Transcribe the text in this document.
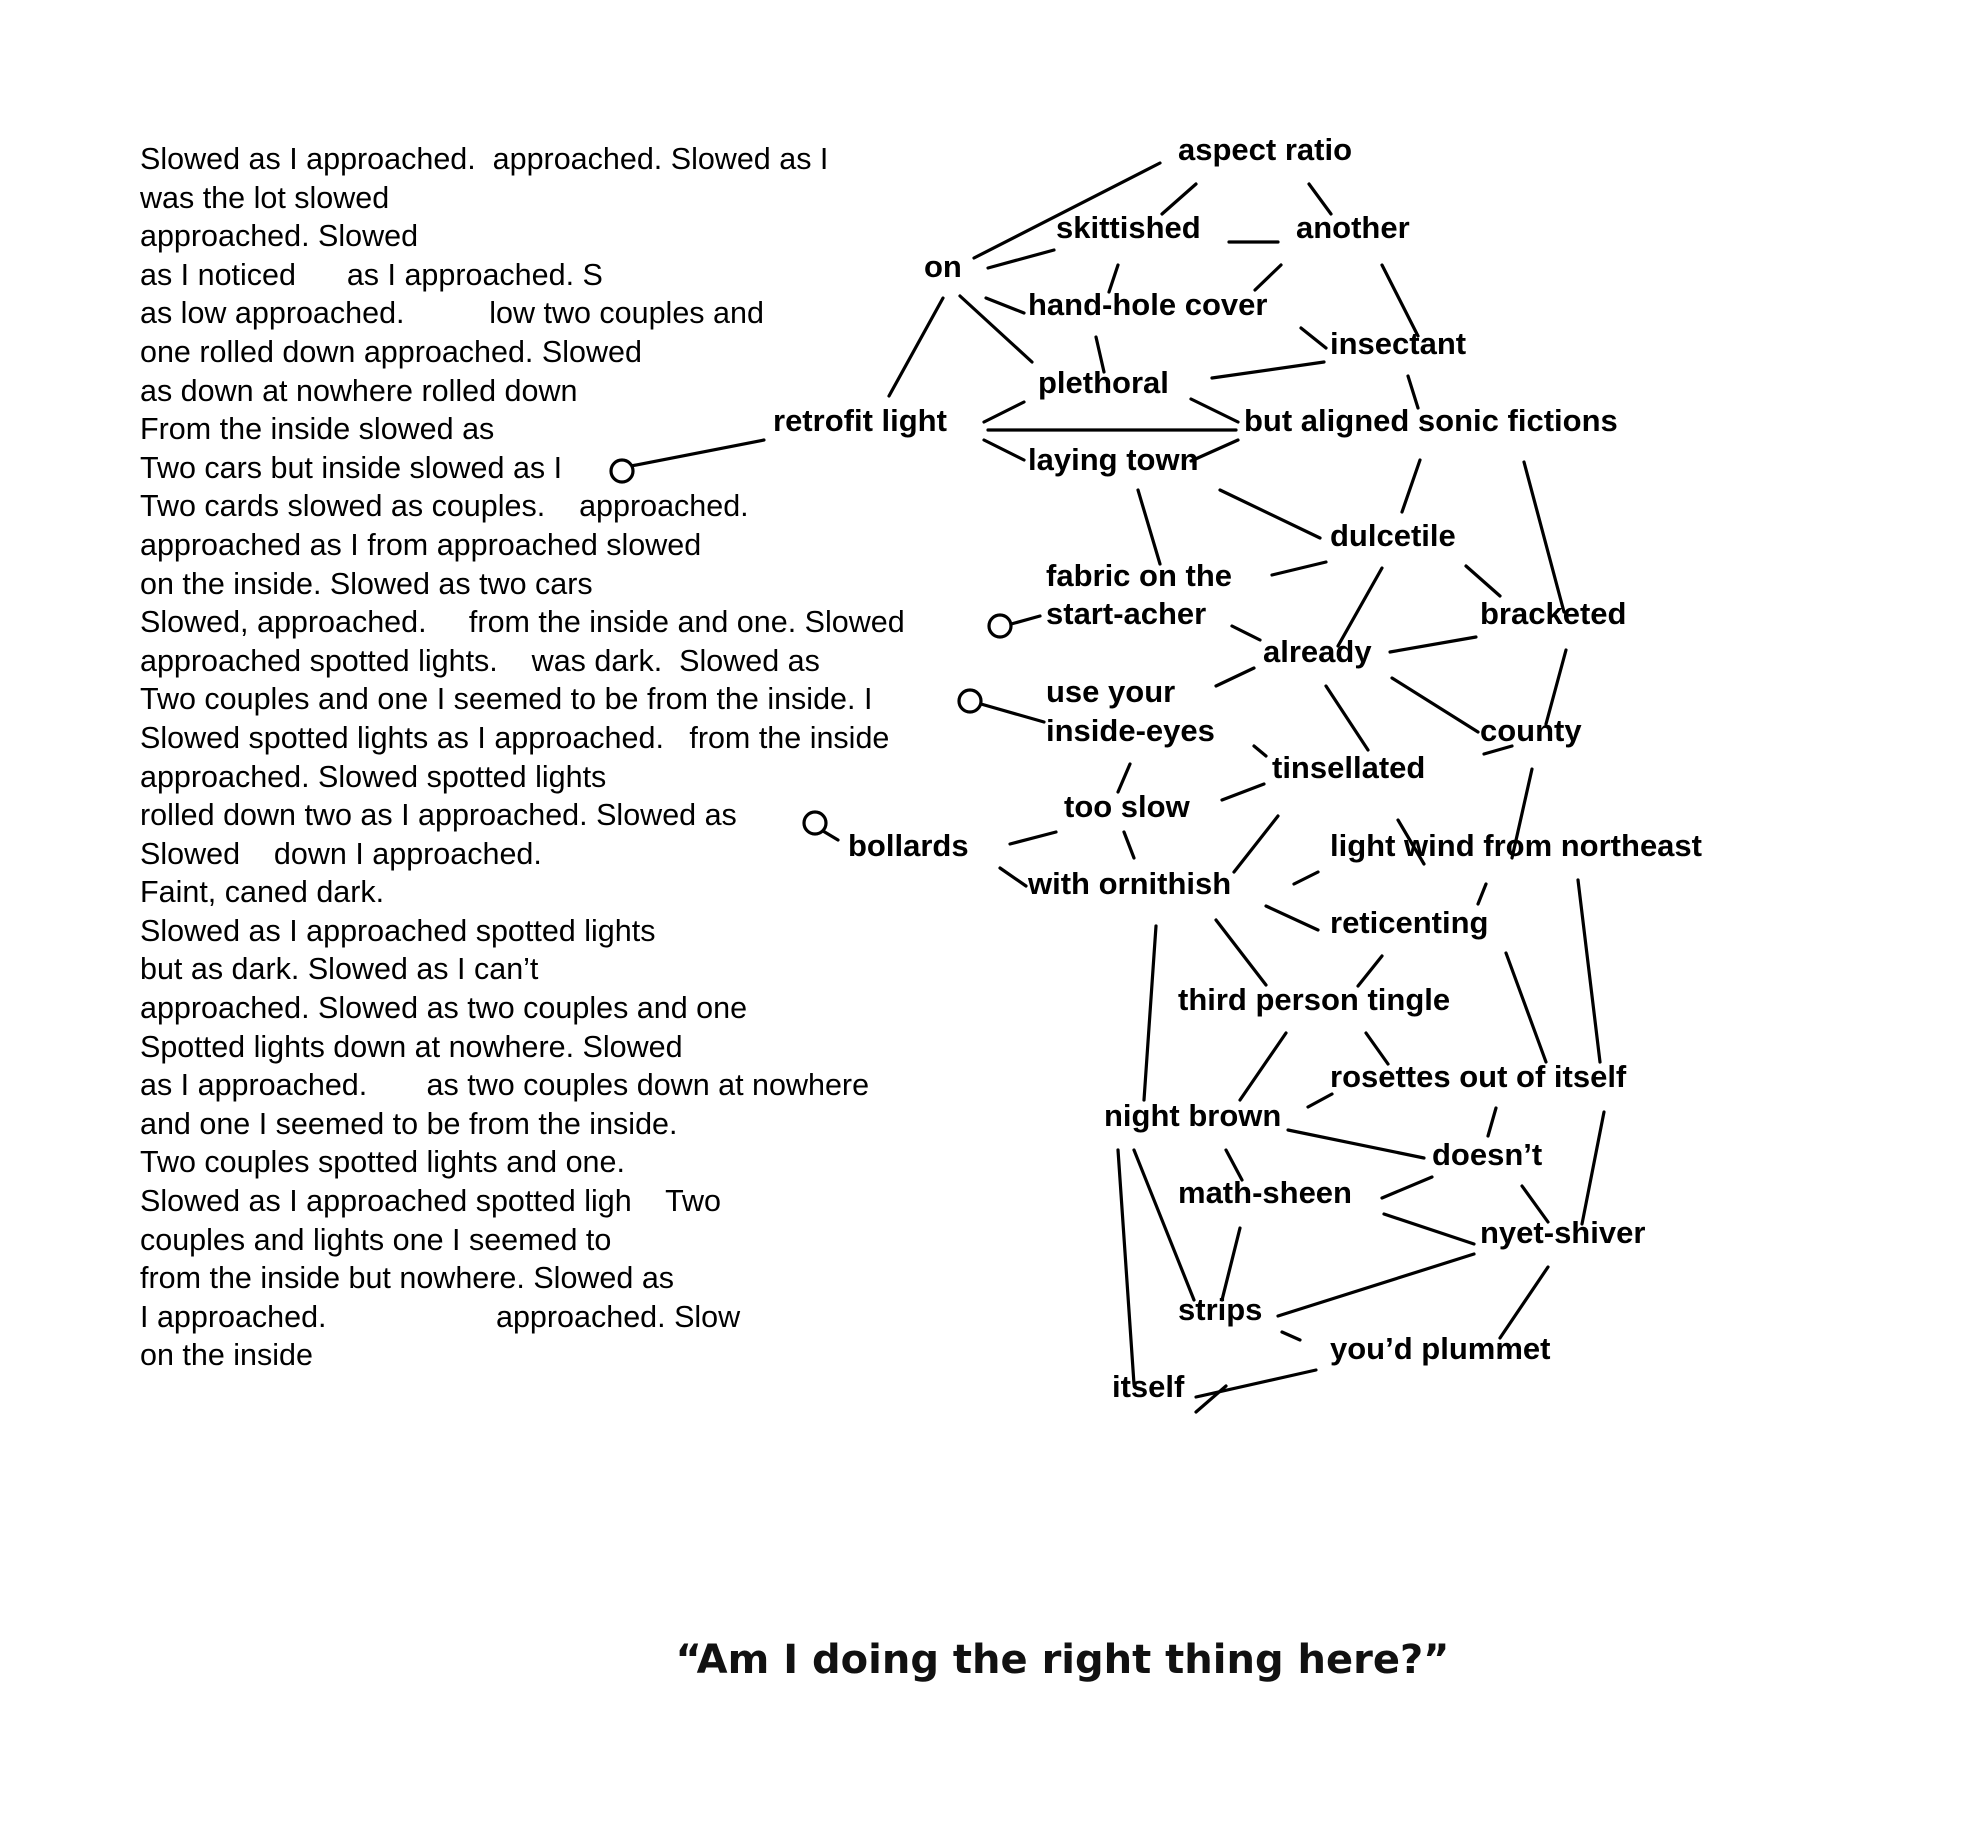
Slowed as I approached.  approached. Slowed as I
was the lot slowed
approached. Slowed
as I noticed      as I approached. S
as low approached.          low two couples and
one rolled down approached. Slowed
as down at nowhere rolled down
From the inside slowed as
Two cars but inside slowed as I
Two cards slowed as couples.    approached.
approached as I from approached slowed
on the inside. Slowed as two cars
Slowed, approached.     from the inside and one. Slowed
approached spotted lights.    was dark.  Slowed as
Two couples and one I seemed to be from the inside. I
Slowed spotted lights as I approached.   from the inside
approached. Slowed spotted lights
rolled down two as I approached. Slowed as
Slowed    down I approached.
Faint, caned dark.
Slowed as I approached spotted lights
but as dark. Slowed as I can’t
approached. Slowed as two couples and one
Spotted lights down at nowhere. Slowed
as I approached.       as two couples down at nowhere
and one I seemed to be from the inside.
Two couples spotted lights and one.
Slowed as I approached spotted ligh    Two
couples and lights one I seemed to
from the inside but nowhere. Slowed as
I approached.                    approached. Slow
on the inside
aspect ratio
skittished	another
on
hand-hole cover
insectant
plethoral
retrofit light	but aligned sonic fictions
laying town
dulcetile
fabric on the
start-acher	bracketed
already
use your
inside-eyes	county
tinsellated
too slow
bollards	light wind from northeast
with ornithish
reticenting
third person tingle
rosettes out of itself
night brown
doesn’t
math-sheen
nyet-shiver
strips
you’d plummet
itself
“Am I doing the right thing here?”
